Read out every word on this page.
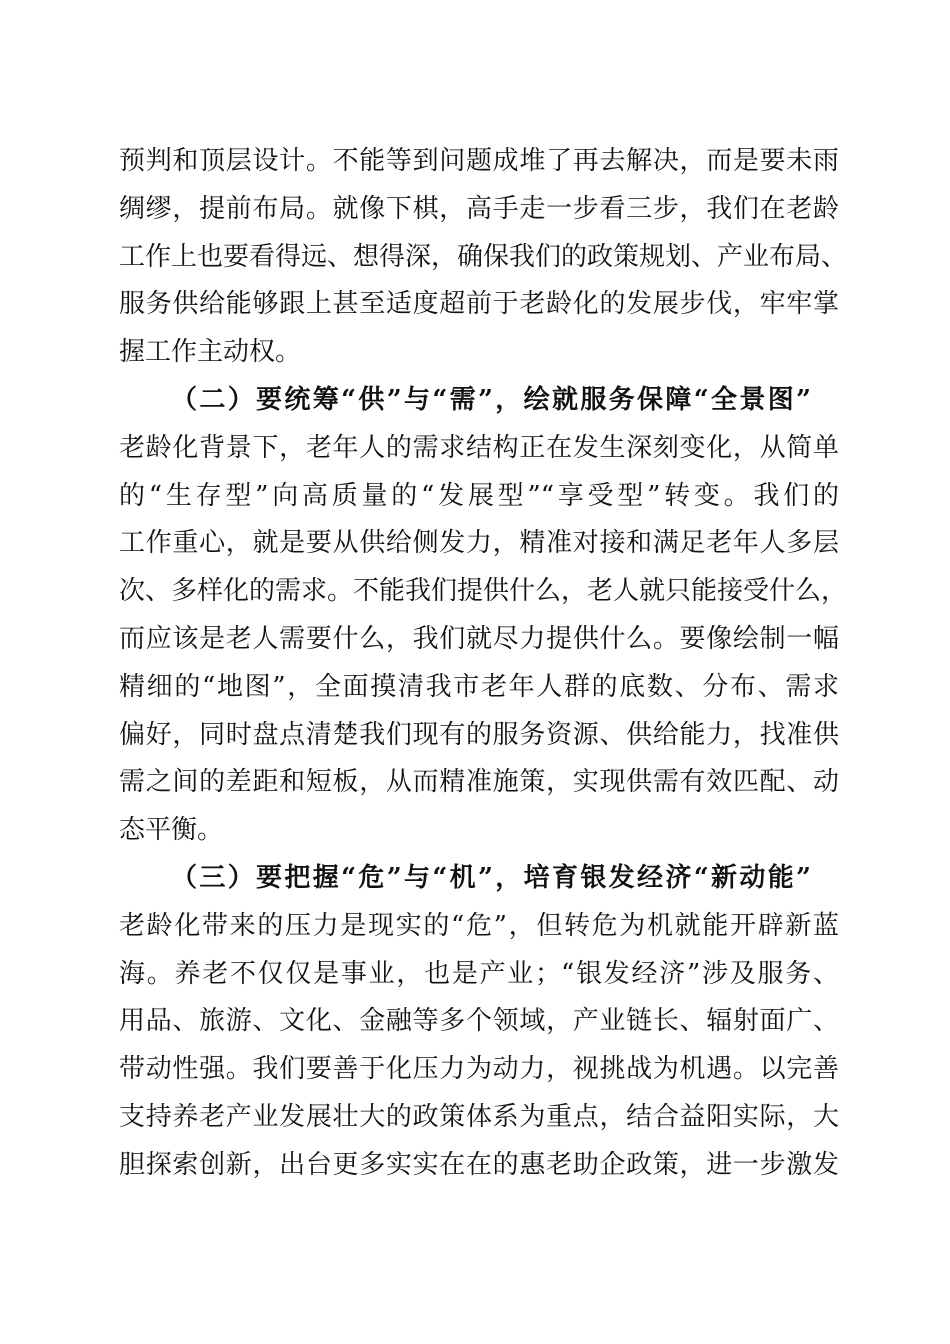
预判和顶层设计。不能等到问题成堆了再去解决，而是要未雨
绸缪，提前布局。就像下棋，高手走一步看三步，我们在老龄
工作上也要看得远、想得深，确保我们的政策规划、产业布局、
服务供给能够跟上甚至适度超前于老龄化的发展步伐，牢牢掌
握工作主动权。
（二）要统筹“供”与“需”，绘就服务保障“全景图”
老龄化背景下，老年人的需求结构正在发生深刻变化，从简单
的“生存型”向高质量的“发展型”“享受型”转变。我们的
工作重心，就是要从供给侧发力，精准对接和满足老年人多层
次、多样化的需求。不能我们提供什么，老人就只能接受什么，
而应该是老人需要什么，我们就尽力提供什么。要像绘制一幅
精细的“地图”，全面摸清我市老年人群的底数、分布、需求
偏好，同时盘点清楚我们现有的服务资源、供给能力，找准供
需之间的差距和短板，从而精准施策，实现供需有效匹配、动
态平衡。
（三）要把握“危”与“机”，培育银发经济“新动能”
老龄化带来的压力是现实的“危”，但转危为机就能开辟新蓝
海。养老不仅仅是事业，也是产业；“银发经济”涉及服务、
用品、旅游、文化、金融等多个领域，产业链长、辐射面广、
带动性强。我们要善于化压力为动力，视挑战为机遇。以完善
支持养老产业发展壮大的政策体系为重点，结合益阳实际，大
胆探索创新，出台更多实实在在的惠老助企政策，进一步激发
